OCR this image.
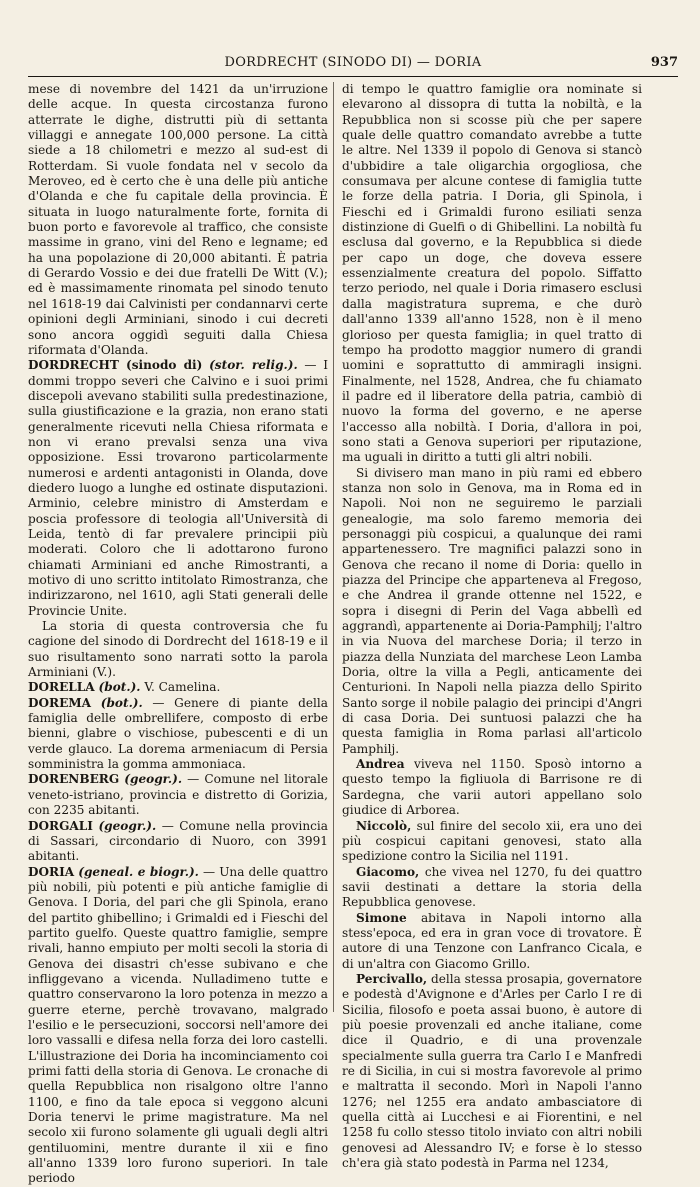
DORDRECHT (SINODO DI) — DORIA	937

mese di novembre del 1421 da un'irruzione delle acque. In questa circostanza furono atterrate le dighe, distrutti più di settanta villaggi e annegate 100,000 persone. La città siede a 18 chilometri e mezzo al sud-est di Rotterdam. Si vuole fondata nel v secolo da Meroveo, ed è certo che è una delle più antiche d'Olanda e che fu capitale della provincia. È situata in luogo naturalmente forte, fornita di buon porto e favorevole al traffico, che consiste massime in grano, vini del Reno e legname; ed ha una popolazione di 20,000 abitanti. È patria di Gerardo Vossio e dei due fratelli De Witt (V.); ed è massimamente rinomata pel sinodo tenuto nel 1618-19 dai Calvinisti per condannarvi certe opinioni degli Arminiani, sinodo i cui decreti sono ancora oggidì seguiti dalla Chiesa riformata d'Olanda.

DORDRECHT (sinodo di) (stor. relig.). — I dommi troppo severi che Calvino e i suoi primi discepoli avevano stabiliti sulla predestinazione, sulla giustificazione e la grazia, non erano stati generalmente ricevuti nella Chiesa riformata e non vi erano prevalsi senza una viva opposizione. Essi trovarono particolarmente numerosi e ardenti antagonisti in Olanda, dove diedero luogo a lunghe ed ostinate disputazioni. Arminio, celebre ministro di Amsterdam e poscia professore di teologia all'Università di Leida, tentò di far prevalere principii più moderati. Coloro che li adottarono furono chiamati Arminiani ed anche Rimostranti, a motivo di uno scritto intitolato Rimostranza, che indirizzarono, nel 1610, agli Stati generali delle Provincie Unite.

La storia di questa controversia che fu cagione del sinodo di Dordrecht del 1618-19 e il suo risultamento sono narrati sotto la parola Arminiani (V.).

DORELLA (bot.). V. Camelina.

DOREMA (bot.). — Genere di piante della famiglia delle ombrellifere, composto di erbe bienni, glabre o vischiose, pubescenti e di un verde glauco. La dorema armeniacum di Persia somministra la gomma ammoniaca.

DORENBERG (geogr.). — Comune nel litorale veneto-istriano, provincia e distretto di Gorizia, con 2235 abitanti.

DORGALI (geogr.). — Comune nella provincia di Sassari, circondario di Nuoro, con 3991 abitanti.

DORIA (geneal. e biogr.). — Una delle quattro più nobili, più potenti e più antiche famiglie di Genova. I Doria, del pari che gli Spinola, erano del partito ghibellino; i Grimaldi ed i Fieschi del partito guelfo. Queste quattro famiglie, sempre rivali, hanno empiuto per molti secoli la storia di Genova dei disastri ch'esse subivano e che infliggevano a vicenda. Nulladimeno tutte e quattro conservarono la loro potenza in mezzo a guerre eterne, perchè trovavano, malgrado l'esilio e le persecuzioni, soccorsi nell'amore dei loro vassalli e difesa nella forza dei loro castelli. L'illustrazione dei Doria ha incominciamento coi primi fatti della storia di Genova. Le cronache di quella Repubblica non risalgono oltre l'anno 1100, e fino da tale epoca si veggono alcuni Doria tenervi le prime magistrature. Ma nel secolo xii furono solamente gli uguali degli altri gentiluomini, mentre durante il xii e fino all'anno 1339 loro furono superiori. In tale periodo

di tempo le quattro famiglie ora nominate si elevarono al dissopra di tutta la nobiltà, e la Repubblica non si scosse più che per sapere quale delle quattro comandato avrebbe a tutte le altre. Nel 1339 il popolo di Genova si stancò d'ubbidire a tale oligarchia orgogliosa, che consumava per alcune contese di famiglia tutte le forze della patria. I Doria, gli Spinola, i Fieschi ed i Grimaldi furono esiliati senza distinzione di Guelfi o di Ghibellini. La nobiltà fu esclusa dal governo, e la Repubblica si diede per capo un doge, che doveva essere essenzialmente creatura del popolo. Siffatto terzo periodo, nel quale i Doria rimasero esclusi dalla magistratura suprema, e che durò dall'anno 1339 all'anno 1528, non è il meno glorioso per questa famiglia; in quel tratto di tempo ha prodotto maggior numero di grandi uomini e soprattutto di ammiragli insigni. Finalmente, nel 1528, Andrea, che fu chiamato il padre ed il liberatore della patria, cambiò di nuovo la forma del governo, e ne aperse l'accesso alla nobiltà. I Doria, d'allora in poi, sono stati a Genova superiori per riputazione, ma uguali in diritto a tutti gli altri nobili.

Si divisero man mano in più rami ed ebbero stanza non solo in Genova, ma in Roma ed in Napoli. Noi non ne seguiremo le parziali genealogie, ma solo faremo memoria dei personaggi più cospicui, a qualunque dei rami appartenessero. Tre magnifici palazzi sono in Genova che recano il nome di Doria: quello in piazza del Principe che apparteneva al Fregoso, e che Andrea il grande ottenne nel 1522, e sopra i disegni di Perin del Vaga abbellì ed aggrandì, appartenente ai Doria-Pamphilj; l'altro in via Nuova del marchese Doria; il terzo in piazza della Nunziata del marchese Leon Lamba Doria, oltre la villa a Pegli, anticamente dei Centurioni. In Napoli nella piazza dello Spirito Santo sorge il nobile palagio dei principi d'Angri di casa Doria. Dei suntuosi palazzi che ha questa famiglia in Roma parlasi all'articolo Pamphilj.

Andrea viveva nel 1150. Sposò intorno a questo tempo la figliuola di Barrisone re di Sardegna, che varii autori appellano solo giudice di Arborea.

Niccolò, sul finire del secolo xii, era uno dei più cospicui capitani genovesi, stato alla spedizione contro la Sicilia nel 1191.

Giacomo, che vivea nel 1270, fu dei quattro savii destinati a dettare la storia della Repubblica genovese.

Simone abitava in Napoli intorno alla stess'epoca, ed era in gran voce di trovatore. È autore di una Tenzone con Lanfranco Cicala, e di un'altra con Giacomo Grillo.

Percivallo, della stessa prosapia, governatore e podestà d'Avignone e d'Arles per Carlo I re di Sicilia, filosofo e poeta assai buono, è autore di più poesie provenzali ed anche italiane, come dice il Quadrio, e di una provenzale specialmente sulla guerra tra Carlo I e Manfredi re di Sicilia, in cui si mostra favorevole al primo e maltratta il secondo. Morì in Napoli l'anno 1276; nel 1255 era andato ambasciatore di quella città ai Lucchesi e ai Fiorentini, e nel 1258 fu collo stesso titolo inviato con altri nobili genovesi ad Alessandro IV; e forse è lo stesso ch'era già stato podestà in Parma nel 1234,
